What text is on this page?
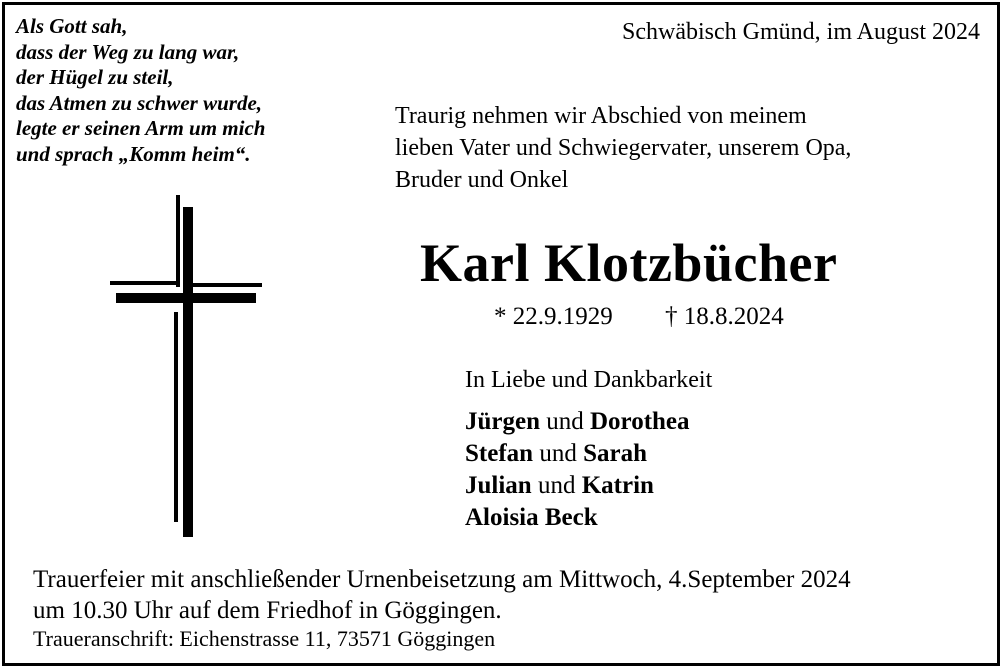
Als Gott sah,
dass der Weg zu lang war,
der Hügel zu steil,
das Atmen zu schwer wurde,
legte er seinen Arm um mich
und sprach „Komm heim“.
Schwäbisch Gmünd, im August 2024
Traurig nehmen wir Abschied von meinem
lieben Vater und Schwiegervater, unserem Opa,
Bruder und Onkel
Karl Klotzbücher
* 22.9.1929 † 18.8.2024
In Liebe und Dankbarkeit
Jürgen und Dorothea
Stefan und Sarah
Julian und Katrin
Aloisia Beck
Trauerfeier mit anschließender Urnenbeisetzung am Mittwoch, 4.September 2024
um 10.30 Uhr auf dem Friedhof in Göggingen.
Traueranschrift: Eichenstrasse 11, 73571 Göggingen
